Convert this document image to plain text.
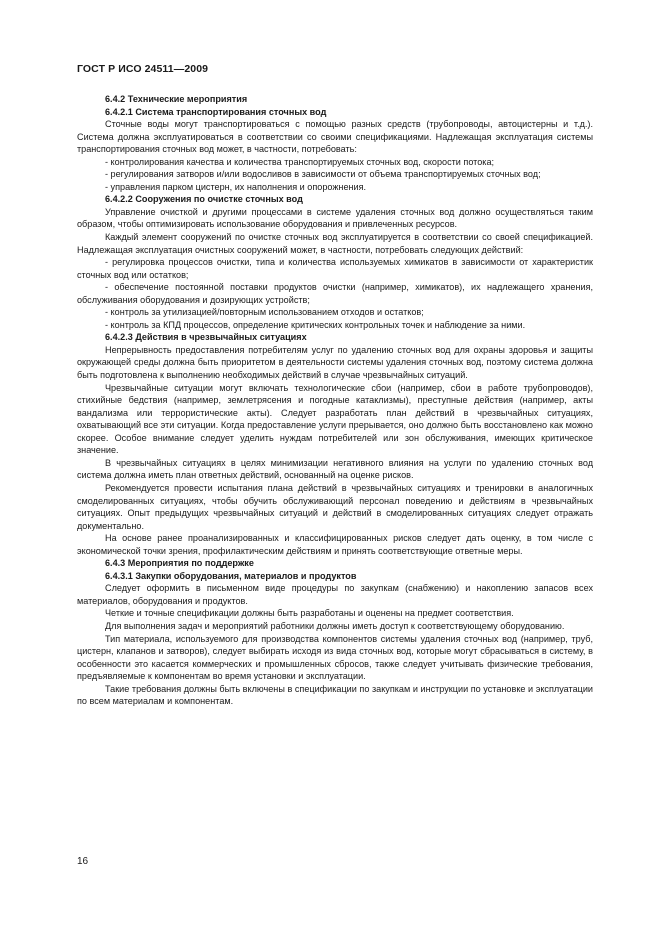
ГОСТ Р ИСО 24511—2009

6.4.2 Технические мероприятия

6.4.2.1 Система транспортирования сточных вод

Сточные воды могут транспортироваться с помощью разных средств (трубопроводы, автоцистерны и т.д.). Система должна эксплуатироваться в соответствии со своими спецификациями. Надлежащая эксплуатация системы транспортирования сточных вод может, в частности, потребовать:

- контролирования качества и количества транспортируемых сточных вод, скорости потока;

- регулирования затворов и/или водосливов в зависимости от объема транспортируемых сточных вод;

- управления парком цистерн, их наполнения и опорожнения.

6.4.2.2 Сооружения по очистке сточных вод

Управление очисткой и другими процессами в системе удаления сточных вод должно осуществляться таким образом, чтобы оптимизировать использование оборудования и привлеченных ресурсов.

Каждый элемент сооружений по очистке сточных вод эксплуатируется в соответствии со своей спецификацией. Надлежащая эксплуатация очистных сооружений может, в частности, потребовать следующих действий:

- регулировка процессов очистки, типа и количества используемых химикатов в зависимости от характеристик сточных вод или остатков;

- обеспечение постоянной поставки продуктов очистки (например, химикатов), их надлежащего хранения, обслуживания оборудования и дозирующих устройств;

- контроль за утилизацией/повторным использованием отходов и остатков;

- контроль за КПД процессов, определение критических контрольных точек и наблюдение за ними.

6.4.2.3 Действия в чрезвычайных ситуациях

Непрерывность предоставления потребителям услуг по удалению сточных вод для охраны здоровья и защиты окружающей среды должна быть приоритетом в деятельности системы удаления сточных вод, поэтому система должна быть подготовлена к выполнению необходимых действий в случае чрезвычайных ситуаций.

Чрезвычайные ситуации могут включать технологические сбои (например, сбои в работе трубопроводов), стихийные бедствия (например, землетрясения и погодные катаклизмы), преступные действия (например, акты вандализма или террористические акты). Следует разработать план действий в чрезвычайных ситуациях, охватывающий все эти ситуации. Когда предоставление услуги прерывается, оно должно быть восстановлено как можно скорее. Особое внимание следует уделить нуждам потребителей или зон обслуживания, имеющих критическое значение.

В чрезвычайных ситуациях в целях минимизации негативного влияния на услуги по удалению сточных вод система должна иметь план ответных действий, основанный на оценке рисков.

Рекомендуется провести испытания плана действий в чрезвычайных ситуациях и тренировки в аналогичных смоделированных ситуациях, чтобы обучить обслуживающий персонал поведению и действиям в чрезвычайных ситуациях. Опыт предыдущих чрезвычайных ситуаций и действий в смоделированных ситуациях следует отражать документально.

На основе ранее проанализированных и классифицированных рисков следует дать оценку, в том числе с экономической точки зрения, профилактическим действиям и принять соответствующие ответные меры.

6.4.3 Мероприятия по поддержке

6.4.3.1 Закупки оборудования, материалов и продуктов

Следует оформить в письменном виде процедуры по закупкам (снабжению) и накоплению запасов всех материалов, оборудования и продуктов.

Четкие и точные спецификации должны быть разработаны и оценены на предмет соответствия.

Для выполнения задач и мероприятий работники должны иметь доступ к соответствующему оборудованию.

Тип материала, используемого для производства компонентов системы удаления сточных вод (например, труб, цистерн, клапанов и затворов), следует выбирать исходя из вида сточных вод, которые могут сбрасываться в систему, в особенности это касается коммерческих и промышленных сбросов, также следует учитывать физические требования, предъявляемые к компонентам во время установки и эксплуатации.

Такие требования должны быть включены в спецификации по закупкам и инструкции по установке и эксплуатации по всем материалам и компонентам.

16
